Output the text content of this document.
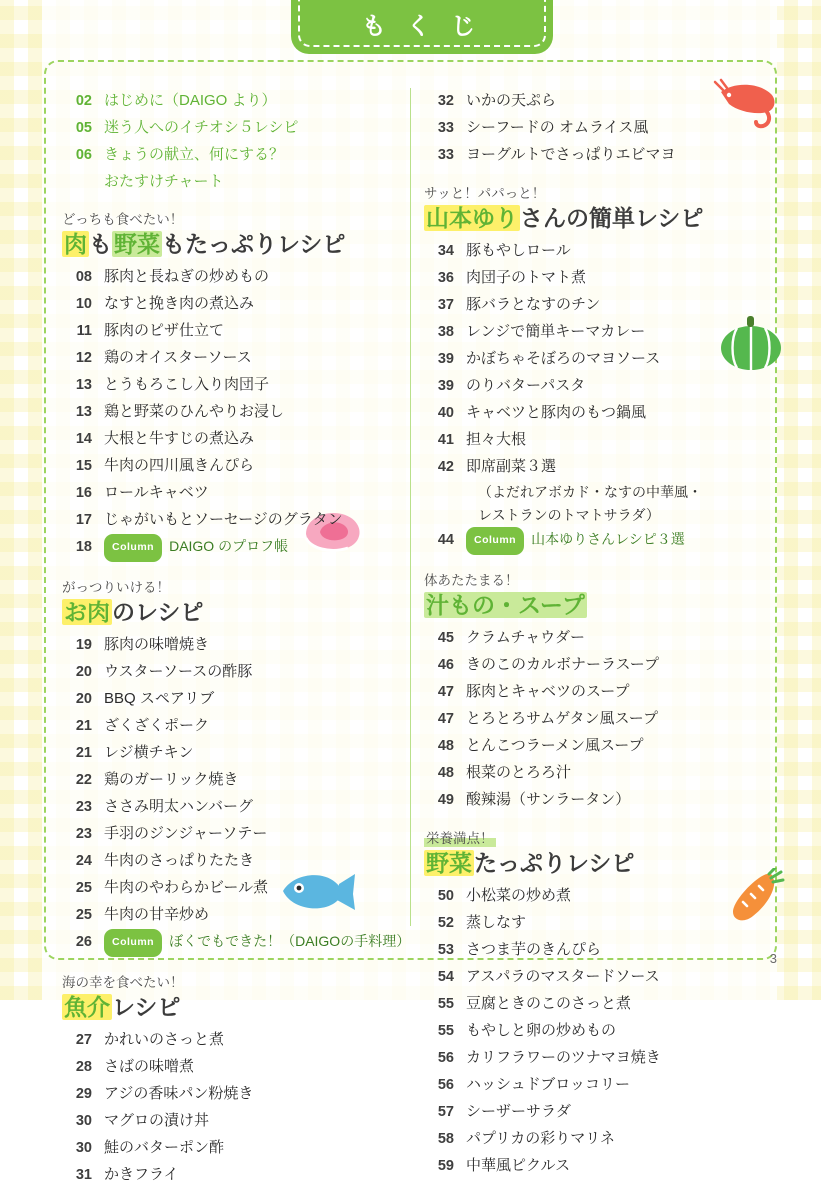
も く じ
02 はじめに（DAIGO より）
05 迷う人へのイチオシ５レシピ
06 きょうの献立、何にする？
おたすけチャート
どっちも食べたい！
肉も野菜もたっぷりレシピ
08 豚肉と長ねぎの炒めもの
10 なすと挽き肉の煮込み
11 豚肉のピザ仕立て
12 鶏のオイスターソース
13 とうもろこし入り肉団子
13 鶏と野菜のひんやりお浸し
14 大根と牛すじの煮込み
15 牛肉の四川風きんぴら
16 ロールキャベツ
17 じゃがいもとソーセージのグラタン
18	Column DAIGO のプロフ帳
がっつりいける！
お肉のレシピ
19 豚肉の味噌焼き
20 ウスターソースの酢豚
20 BBQ スペアリブ
21 ざくざくポーク
21 レジ横チキン
22 鶏のガーリック焼き
23 ささみ明太ハンバーグ
23 手羽のジンジャーソテー
24 牛肉のさっぱりたたき
25 牛肉のやわらかビール煮
25 牛肉の甘辛炒め
26	Column ぼくでもできた！（DAIGOの手料理）
海の幸を食べたい！
魚介レシピ
27 かれいのさっと煮
28 さばの味噌煮
29 アジの香味パン粉焼き
30 マグロの漬け丼
30 鮭のバターポン酢
31 かきフライ
32 いかの天ぷら
33 シーフードの オムライス風
33 ヨーグルトでさっぱりエビマヨ
サッと！パパっと！
山本ゆりさんの簡単レシピ
34 豚もやしロール
36 肉団子のトマト煮
37 豚バラとなすのチン
38 レンジで簡単キーマカレー
39 かぼちゃそぼろのマヨソース
39 のりバターパスタ
40 キャベツと豚肉のもつ鍋風
41 担々大根
42 即席副菜３選
（よだれアボカド・なすの中華風・
レストランのトマトサラダ）
44	Column 山本ゆりさんレシピ３選
体あたたまる！
汁もの・スープ
45 クラムチャウダー
46 きのこのカルボナーラスープ
47 豚肉とキャベツのスープ
47 とろとろサムゲタン風スープ
48 とんこつラーメン風スープ
48 根菜のとろろ汁
49 酸辣湯（サンラータン）
栄養満点！
野菜たっぷりレシピ
50 小松菜の炒め煮
52 蒸しなす
53 さつま芋のきんぴら
54 アスパラのマスタードソース
55 豆腐ときのこのさっと煮
55 もやしと卵の炒めもの
56 カリフラワーのツナマヨ焼き
56 ハッシュドブロッコリー
57 シーザーサラダ
58 パプリカの彩りマリネ
59 中華風ピクルス
3
